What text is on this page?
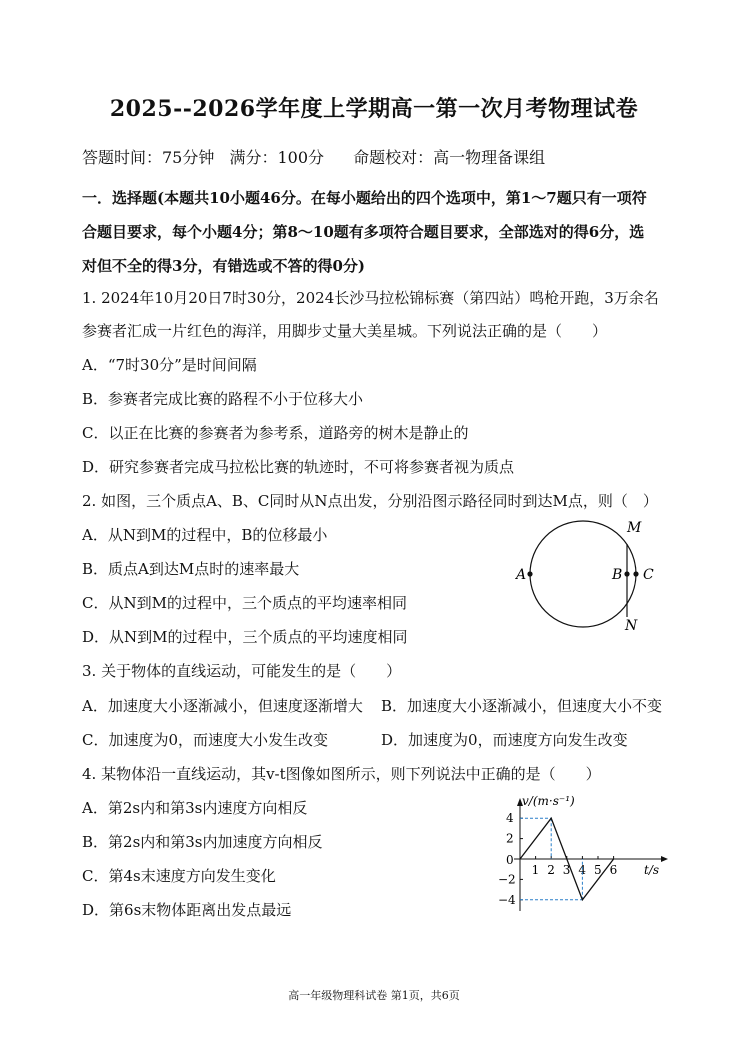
2025--2026学年度上学期高一第一次月考物理试卷
答题时间：75分钟 满分：100分 命题校对：高一物理备课组
一．选择题(本题共10小题46分。在每小题给出的四个选项中，第1～7题只有一项符
合题目要求，每个小题4分；第8～10题有多项符合题目要求，全部选对的得6分，选
对但不全的得3分，有错选或不答的得0分)
1. 2024年10月20日7时30分，2024长沙马拉松锦标赛（第四站）鸣枪开跑，3万余名
参赛者汇成一片红色的海洋，用脚步丈量大美星城。下列说法正确的是（　　）
A．“7时30分”是时间间隔
B．参赛者完成比赛的路程不小于位移大小
C．以正在比赛的参赛者为参考系，道路旁的树木是静止的
D．研究参赛者完成马拉松比赛的轨迹时，不可将参赛者视为质点
2. 如图，三个质点A、B、C同时从N点出发，分别沿图示路径同时到达M点，则（　）
A．从N到M的过程中，B的位移最小
B．质点A到达M点时的速率最大
C．从N到M的过程中，三个质点的平均速率相同
D．从N到M的过程中，三个质点的平均速度相同
M
N
A	B C
3. 关于物体的直线运动，可能发生的是（　　）
A．加速度大小逐渐减小，但速度逐渐增大 B．加速度大小逐渐减小，但速度大小不变
C．加速度为0，而速度大小发生改变	D．加速度为0，而速度方向发生改变
4. 某物体沿一直线运动，其v-t图像如图所示，则下列说法中正确的是（　　）
A．第2s内和第3s内速度方向相反
B．第2s内和第3s内加速度方向相反
C．第4s末速度方向发生变化
D．第6s末物体距离出发点最远
v/(m·s⁻¹)
t/s
0
1 2 3 4 5 6
4
2
−2
−4
高一年级物理科试卷 第1页，共6页
